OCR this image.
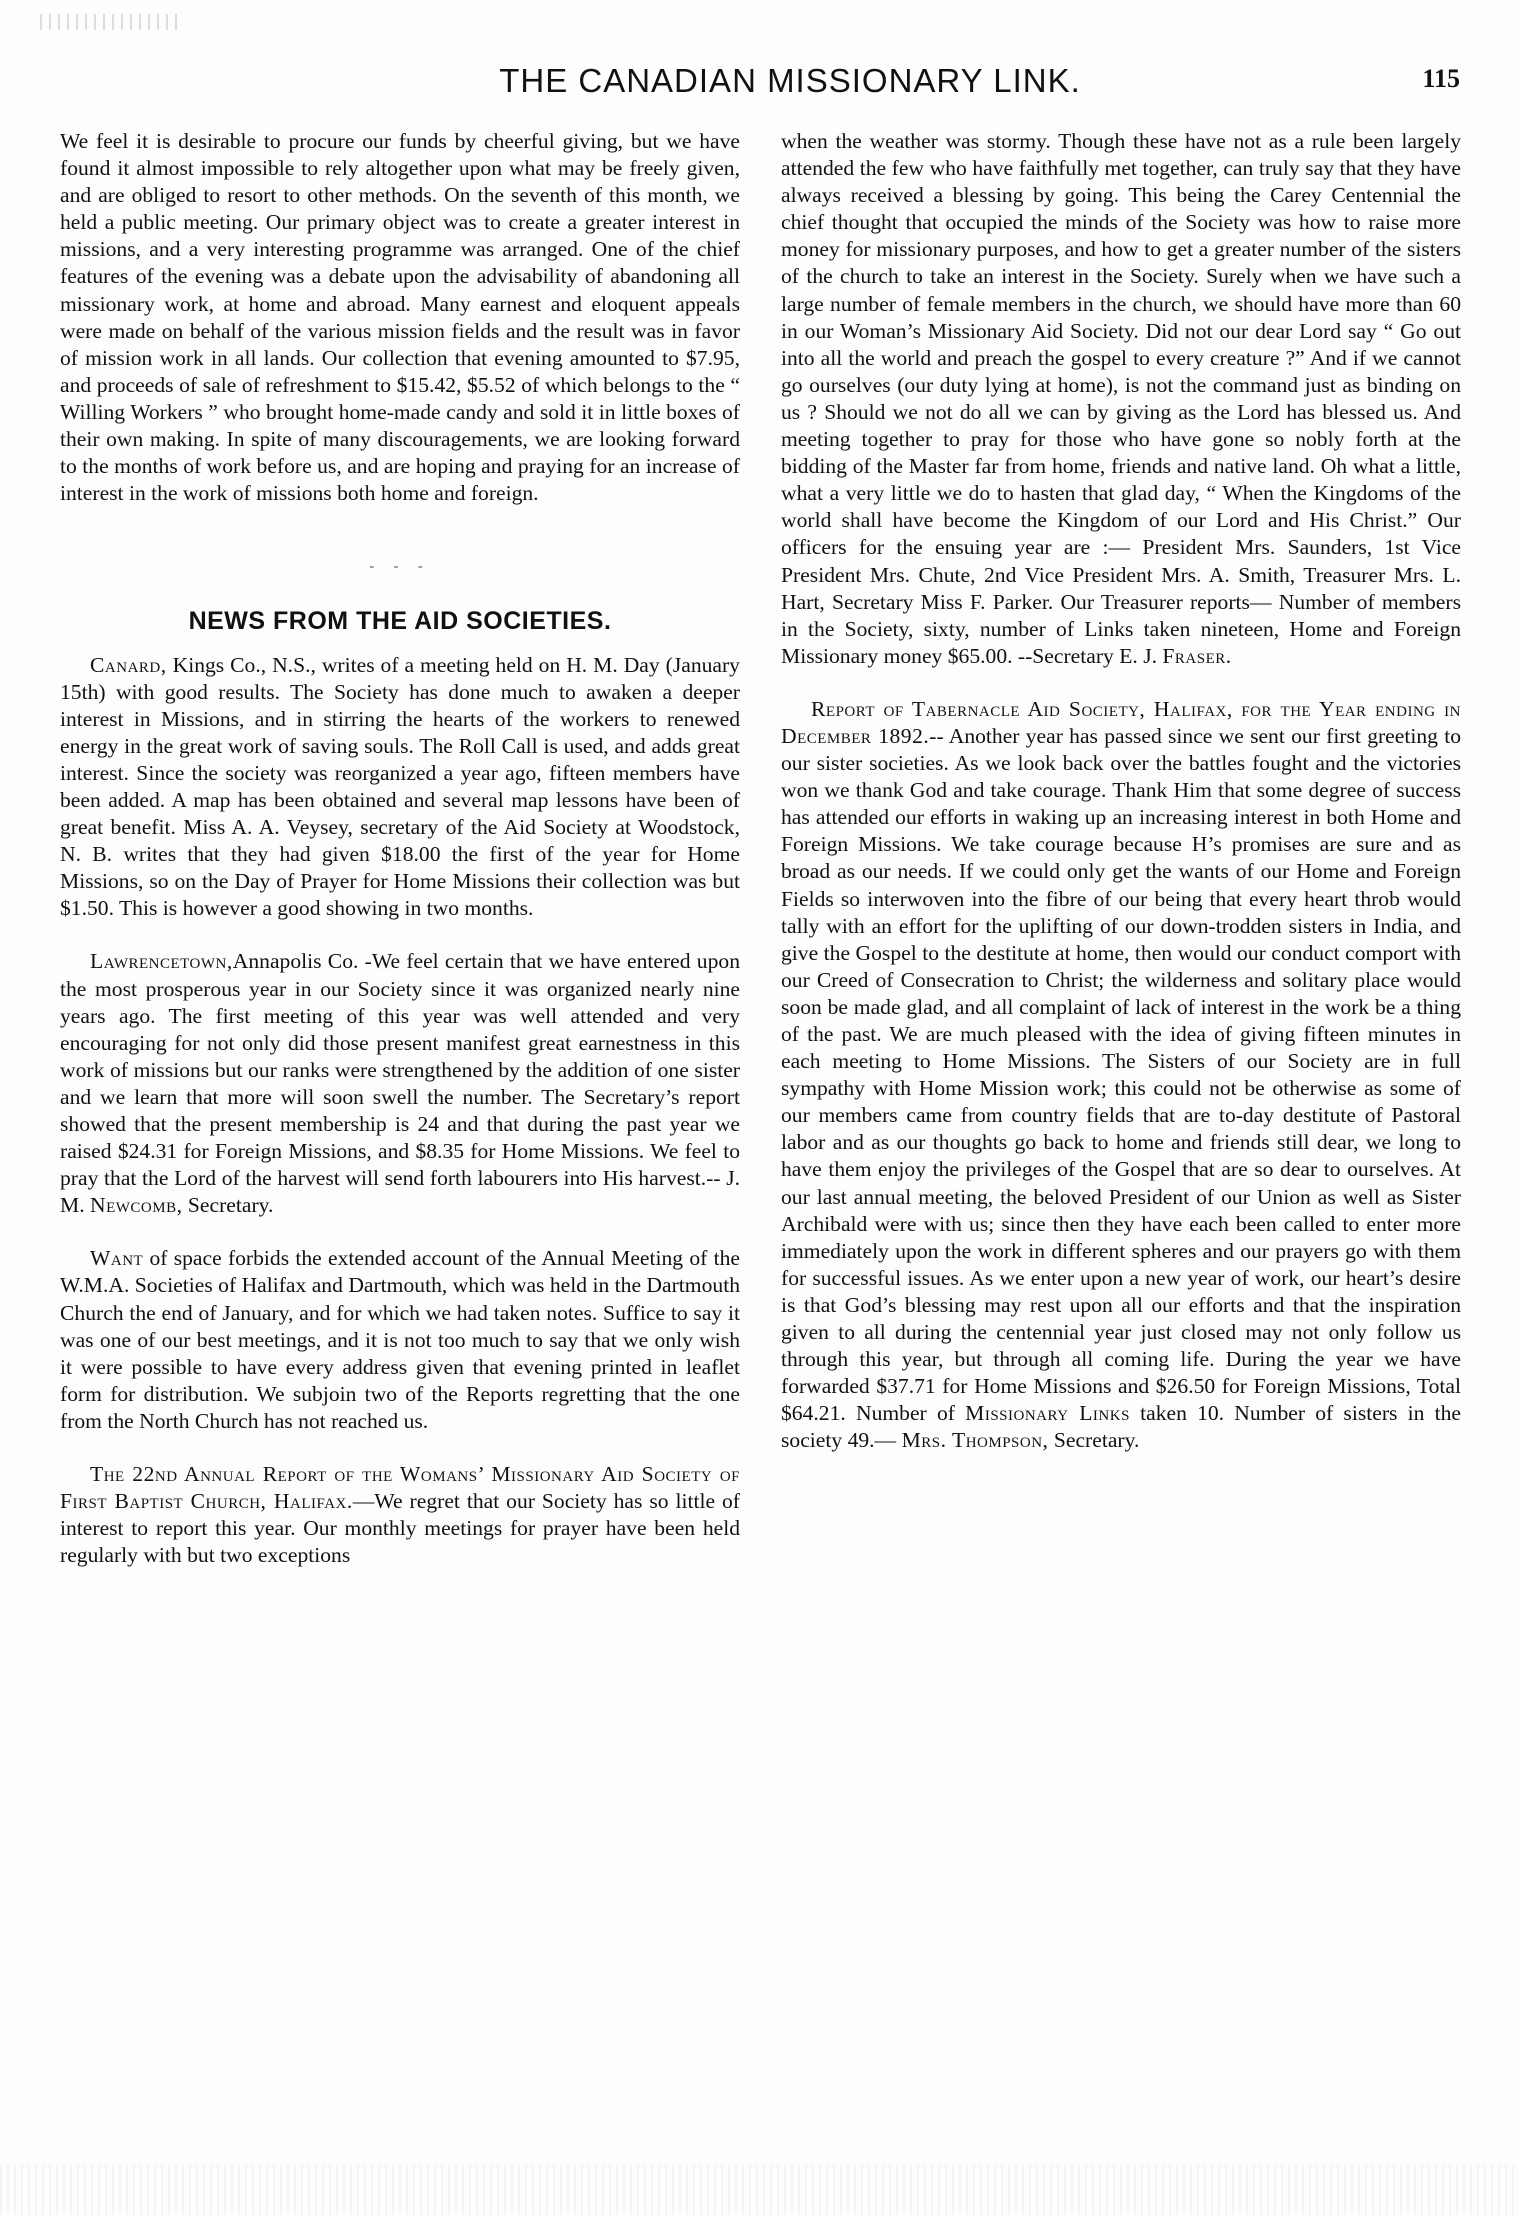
THE CANADIAN MISSIONARY LINK.	115

We feel it is desirable to procure our funds by cheerful giving, but we have found it almost impossible to rely altogether upon what may be freely given, and are obliged to resort to other methods. On the seventh of this month, we held a public meeting. Our primary object was to create a greater interest in missions, and a very interesting programme was arranged. One of the chief features of the evening was a debate upon the advisability of abandoning all missionary work, at home and abroad. Many earnest and eloquent appeals were made on behalf of the various mission fields and the result was in favor of mission work in all lands. Our collection that evening amounted to $7.95, and proceeds of sale of refreshment to $15.42, $5.52 of which belongs to the “ Willing Workers ” who brought home-made candy and sold it in little boxes of their own making. In spite of many discouragements, we are looking forward to the months of work before us, and are hoping and praying for an increase of interest in the work of missions both home and foreign.

- - -
NEWS FROM THE AID SOCIETIES.

Canard, Kings Co., N.S., writes of a meeting held on H. M. Day (January 15th) with good results. The Society has done much to awaken a deeper interest in Missions, and in stirring the hearts of the workers to renewed energy in the great work of saving souls. The Roll Call is used, and adds great interest. Since the society was reorganized a year ago, fifteen members have been added. A map has been obtained and several map lessons have been of great benefit. Miss A. A. Veysey, secretary of the Aid Society at Woodstock, N. B. writes that they had given $18.00 the first of the year for Home Missions, so on the Day of Prayer for Home Missions their collection was but $1.50. This is however a good showing in two months.

Lawrencetown,Annapolis Co. -We feel certain that we have entered upon the most prosperous year in our Society since it was organized nearly nine years ago. The first meeting of this year was well attended and very encouraging for not only did those present manifest great earnestness in this work of missions but our ranks were strengthened by the addition of one sister and we learn that more will soon swell the number. The Secretary’s report showed that the present membership is 24 and that during the past year we raised $24.31 for Foreign Missions, and $8.35 for Home Missions. We feel to pray that the Lord of the harvest will send forth labourers into His harvest.-- J. M. Newcomb, Secretary.

Want of space forbids the extended account of the Annual Meeting of the W.M.A. Societies of Halifax and Dartmouth, which was held in the Dartmouth Church the end of January, and for which we had taken notes. Suffice to say it was one of our best meetings, and it is not too much to say that we only wish it were possible to have every address given that evening printed in leaflet form for distribution. We subjoin two of the Reports regretting that the one from the North Church has not reached us.

The 22nd Annual Report of the Womans’ Missionary Aid Society of First Baptist Church, Halifax.—We regret that our Society has so little of interest to report this year. Our monthly meetings for prayer have been held regularly with but two exceptions

when the weather was stormy. Though these have not as a rule been largely attended the few who have faithfully met together, can truly say that they have always received a blessing by going. This being the Carey Centennial the chief thought that occupied the minds of the Society was how to raise more money for missionary purposes, and how to get a greater number of the sisters of the church to take an interest in the Society. Surely when we have such a large number of female members in the church, we should have more than 60 in our Woman’s Missionary Aid Society. Did not our dear Lord say “ Go out into all the world and preach the gospel to every creature ?” And if we cannot go ourselves (our duty lying at home), is not the command just as binding on us ? Should we not do all we can by giving as the Lord has blessed us. And meeting together to pray for those who have gone so nobly forth at the bidding of the Master far from home, friends and native land. Oh what a little, what a very little we do to hasten that glad day, “ When the Kingdoms of the world shall have become the Kingdom of our Lord and His Christ.” Our officers for the ensuing year are :— President Mrs. Saunders, 1st Vice President Mrs. Chute, 2nd Vice President Mrs. A. Smith, Treasurer Mrs. L. Hart, Secretary Miss F. Parker. Our Treasurer reports— Number of members in the Society, sixty, number of Links taken nineteen, Home and Foreign Missionary money $65.00. --Secretary E. J. Fraser.

Report of Tabernacle Aid Society, Halifax, for the Year ending in December 1892.-- Another year has passed since we sent our first greeting to our sister societies. As we look back over the battles fought and the victories won we thank God and take courage. Thank Him that some degree of success has attended our efforts in waking up an increasing interest in both Home and Foreign Missions. We take courage because H’s promises are sure and as broad as our needs. If we could only get the wants of our Home and Foreign Fields so interwoven into the fibre of our being that every heart throb would tally with an effort for the uplifting of our down-trodden sisters in India, and give the Gospel to the destitute at home, then would our conduct comport with our Creed of Consecration to Christ; the wilderness and solitary place would soon be made glad, and all complaint of lack of interest in the work be a thing of the past. We are much pleased with the idea of giving fifteen minutes in each meeting to Home Missions. The Sisters of our Society are in full sympathy with Home Mission work; this could not be otherwise as some of our members came from country fields that are to-day destitute of Pastoral labor and as our thoughts go back to home and friends still dear, we long to have them enjoy the privileges of the Gospel that are so dear to ourselves. At our last annual meeting, the beloved President of our Union as well as Sister Archibald were with us; since then they have each been called to enter more immediately upon the work in different spheres and our prayers go with them for successful issues. As we enter upon a new year of work, our heart’s desire is that God’s blessing may rest upon all our efforts and that the inspiration given to all during the centennial year just closed may not only follow us through this year, but through all coming life. During the year we have forwarded $37.71 for Home Missions and $26.50 for Foreign Missions, Total $64.21. Number of Missionary Links taken 10. Number of sisters in the society 49.— Mrs. Thompson, Secretary.
